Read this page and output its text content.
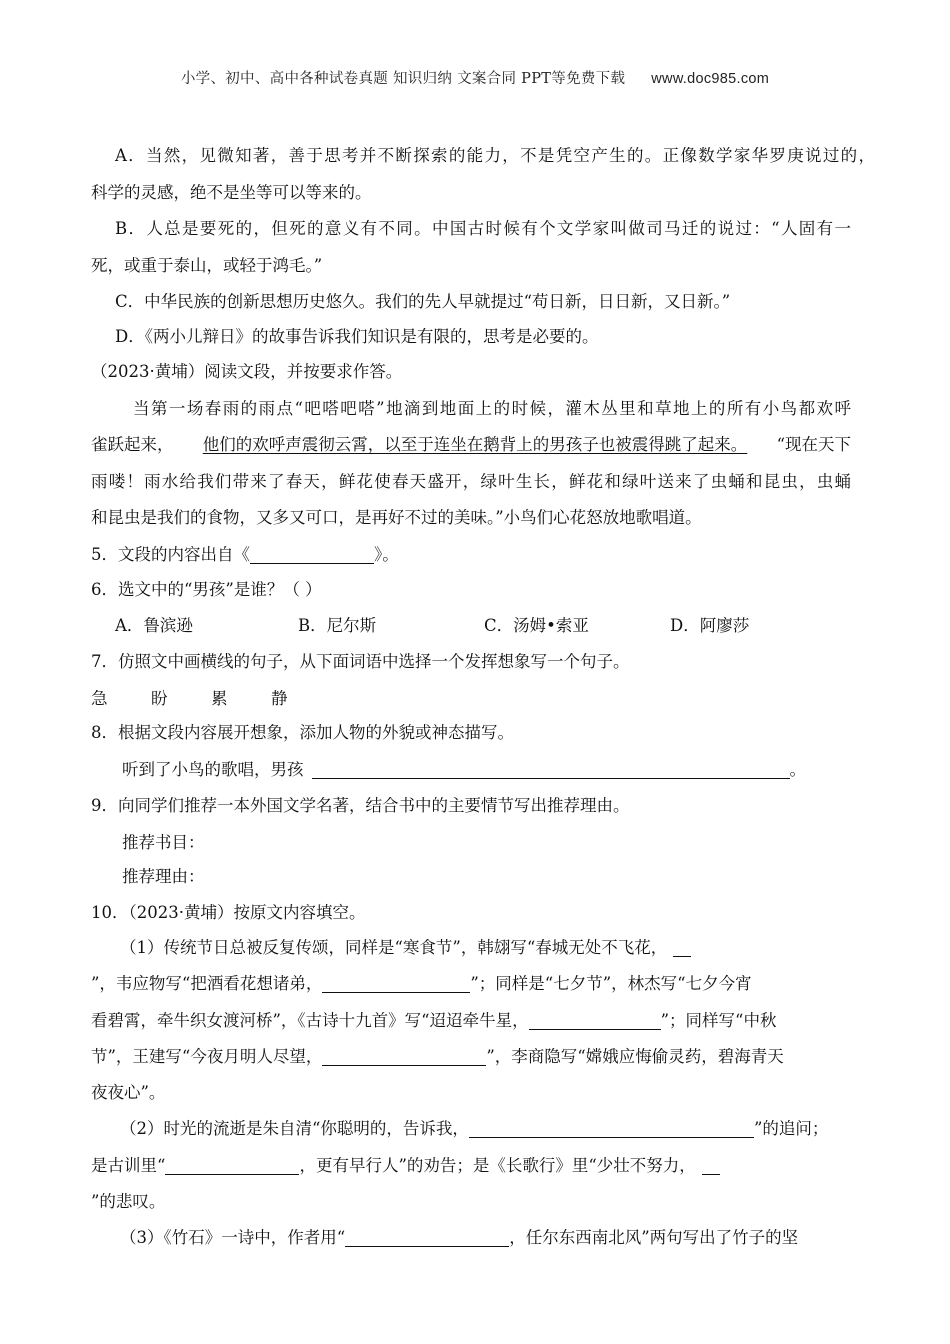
小学、初中、高中各种试卷真题 知识归纳 文案合同 PPT等免费下载 www.doc985.com
A．当然，见微知著，善于思考并不断探索的能力，不是凭空产生的。正像数学家华罗庚说过的，
科学的灵感，绝不是坐等可以等来的。
B．人总是要死的，但死的意义有不同。中国古时候有个文学家叫做司马迁的说过：“人固有一
死，或重于泰山，或轻于鸿毛。”
C．中华民族的创新思想历史悠久。我们的先人早就提过“苟日新，日日新，又日新。”
D．《两小儿辩日》的故事告诉我们知识是有限的，思考是必要的。
（2023·黄埔）阅读文段，并按要求作答。
当第一场春雨的雨点“吧嗒吧嗒”地滴到地面上的时候，灌木丛里和草地上的所有小鸟都欢呼
雀跃起来， 他们的欢呼声震彻云霄，以至于连坐在鹅背上的男孩子也被震得跳了起来。 “现在天下
雨喽！雨水给我们带来了春天，鲜花使春天盛开，绿叶生长，鲜花和绿叶送来了虫蛹和昆虫，虫蛹
和昆虫是我们的食物，又多又可口，是再好不过的美味。”小鸟们心花怒放地歌唱道。
5．文段的内容出自《	》。
6．选文中的“男孩”是谁？（ ）
A．鲁滨逊	B．尼尔斯	C．汤姆•索亚	D．阿廖莎
7．仿照文中画横线的句子，从下面词语中选择一个发挥想象写一个句子。
急	盼	累	静
8．根据文段内容展开想象，添加人物的外貌或神态描写。
听到了小鸟的歌唱，男孩	。
9．向同学们推荐一本外国文学名著，结合书中的主要情节写出推荐理由。
推荐书目：
推荐理由：
10．（2023·黄埔）按原文内容填空。
（1）传统节日总被反复传颂，同样是“寒食节”，韩翃写“春城无处不飞花，
”，韦应物写“把酒看花想诸弟，	”；同样是“七夕节”，林杰写“七夕今宵
看碧霄，牵牛织女渡河桥”，《古诗十九首》写“迢迢牵牛星，	”；同样写“中秋
节”，王建写“今夜月明人尽望，	”，李商隐写“嫦娥应悔偷灵药，碧海青天
夜夜心”。
（2）时光的流逝是朱自清“你聪明的，告诉我，	”的追问；
是古训里“	，更有早行人”的劝告；是《长歌行》里“少壮不努力，
”的悲叹。
（3）《竹石》一诗中，作者用“	，任尔东西南北风”两句写出了竹子的坚
